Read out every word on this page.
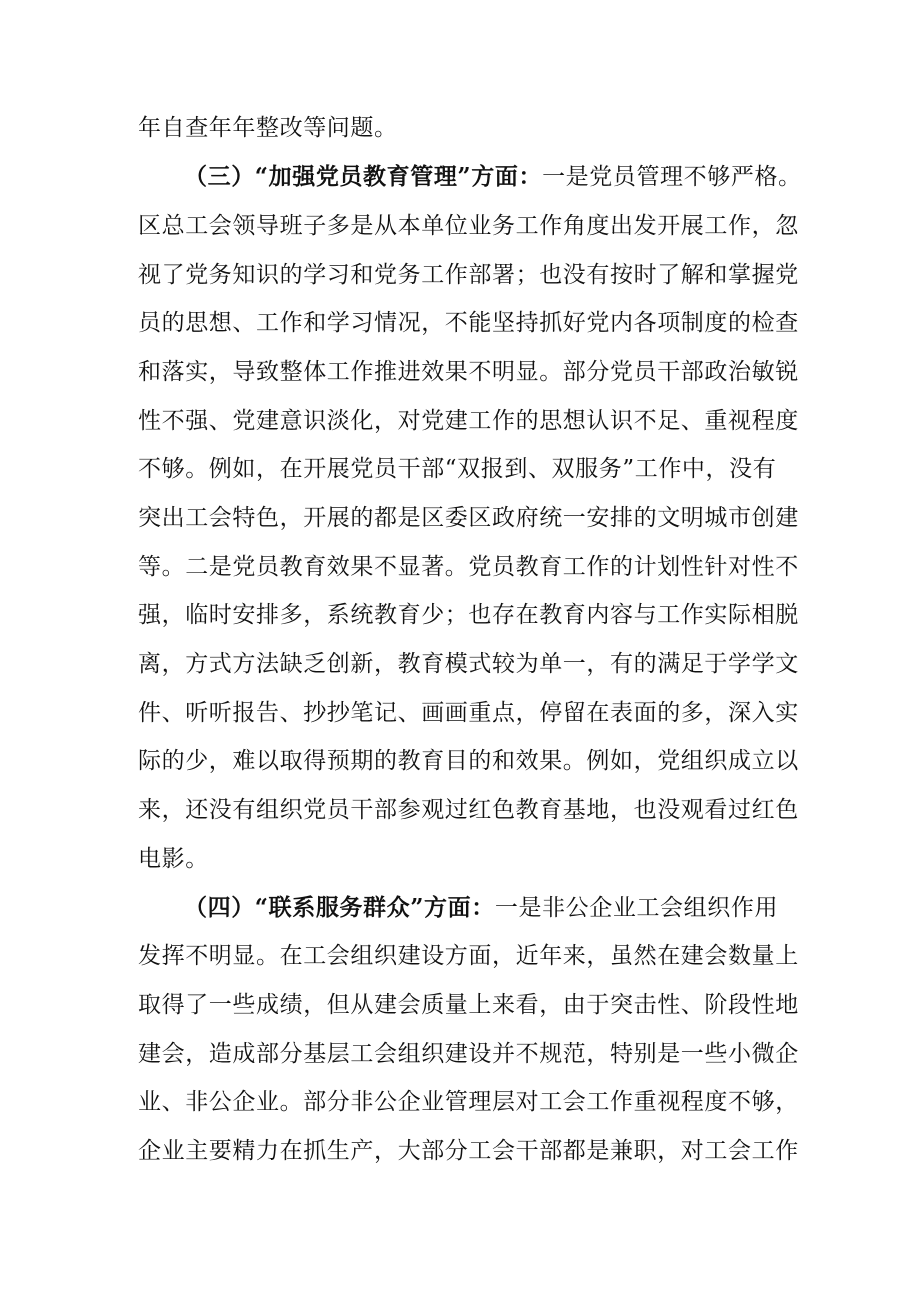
年自查年年整改等问题。
（三）“加强党员教育管理”方面：一是党员管理不够严格。
区总工会领导班子多是从本单位业务工作角度出发开展工作，忽
视了党务知识的学习和党务工作部署；也没有按时了解和掌握党
员的思想、工作和学习情况，不能坚持抓好党内各项制度的检查
和落实，导致整体工作推进效果不明显。部分党员干部政治敏锐
性不强、党建意识淡化，对党建工作的思想认识不足、重视程度
不够。例如，在开展党员干部“双报到、双服务”工作中，没有
突出工会特色，开展的都是区委区政府统一安排的文明城市创建
等。二是党员教育效果不显著。党员教育工作的计划性针对性不
强，临时安排多，系统教育少；也存在教育内容与工作实际相脱
离，方式方法缺乏创新，教育模式较为单一，有的满足于学学文
件、听听报告、抄抄笔记、画画重点，停留在表面的多，深入实
际的少，难以取得预期的教育目的和效果。例如，党组织成立以
来，还没有组织党员干部参观过红色教育基地，也没观看过红色
电影。
（四）“联系服务群众”方面：一是非公企业工会组织作用
发挥不明显。在工会组织建设方面，近年来，虽然在建会数量上
取得了一些成绩，但从建会质量上来看，由于突击性、阶段性地
建会，造成部分基层工会组织建设并不规范，特别是一些小微企
业、非公企业。部分非公企业管理层对工会工作重视程度不够，
企业主要精力在抓生产，大部分工会干部都是兼职，对工会工作
